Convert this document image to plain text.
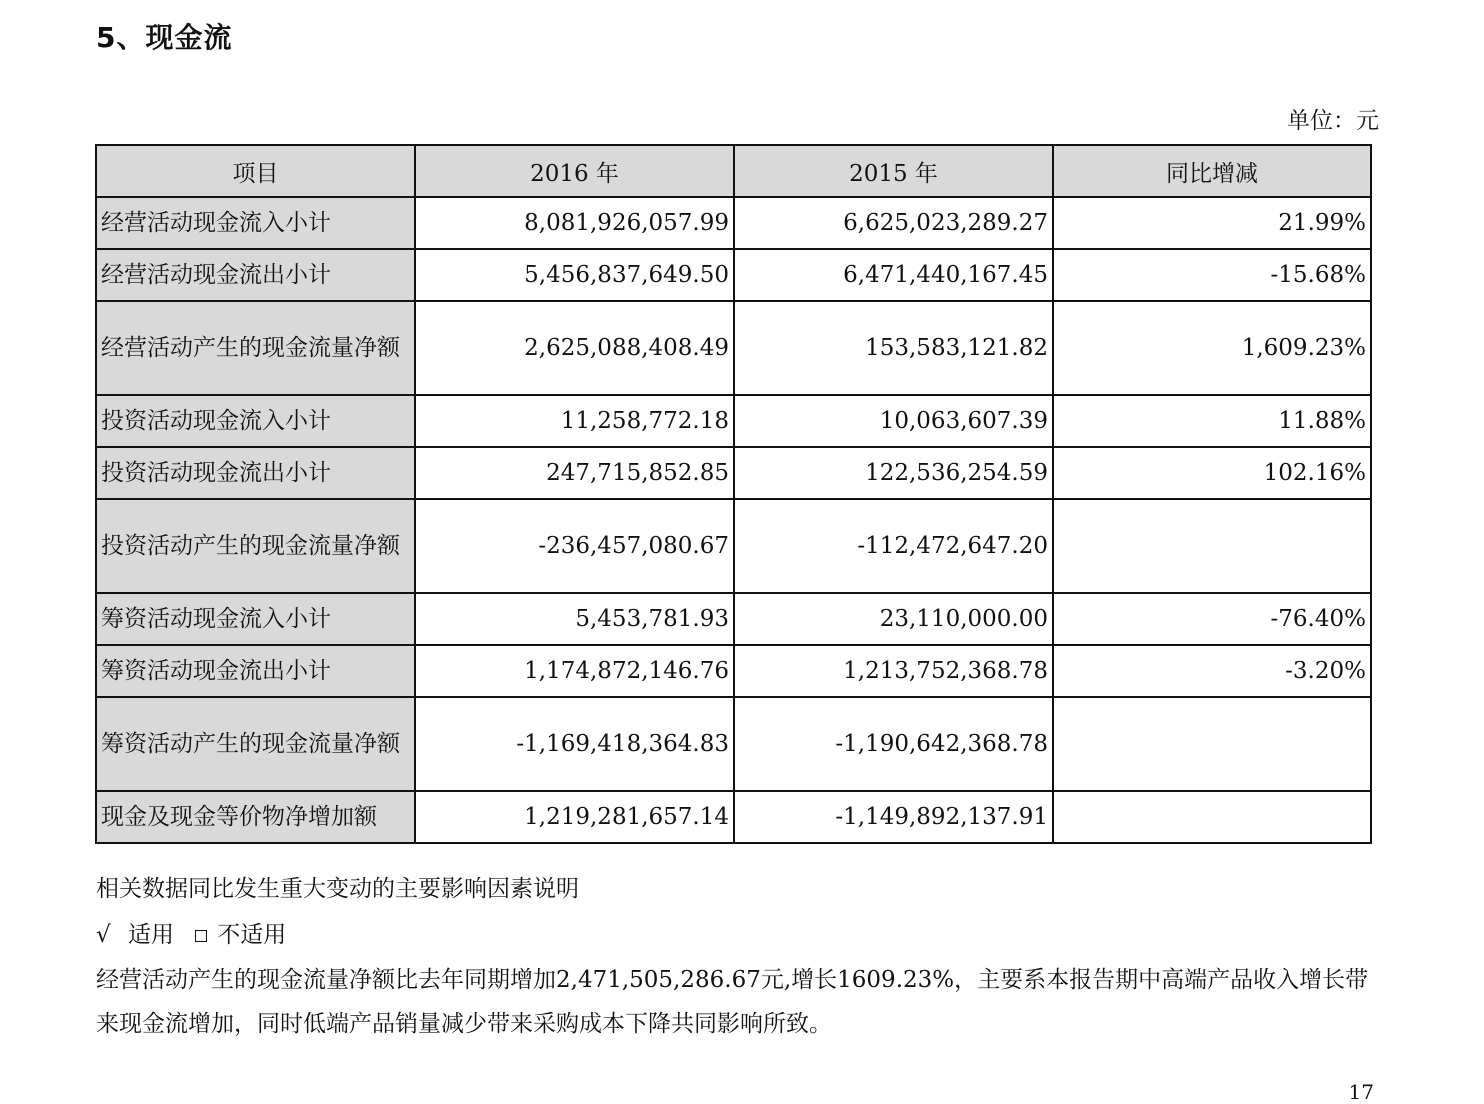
5、现金流
单位：元
项目	2016 年	2015 年	同比增减
经营活动现金流入小计	8,081,926,057.99	6,625,023,289.27	21.99%
经营活动现金流出小计	5,456,837,649.50	6,471,440,167.45	-15.68%
经营活动产生的现金流量净额	2,625,088,408.49	153,583,121.82	1,609.23%
投资活动现金流入小计	11,258,772.18	10,063,607.39	11.88%
投资活动现金流出小计	247,715,852.85	122,536,254.59	102.16%
投资活动产生的现金流量净额	-236,457,080.67	-112,472,647.20	
筹资活动现金流入小计	5,453,781.93	23,110,000.00	-76.40%
筹资活动现金流出小计	1,174,872,146.76	1,213,752,368.78	-3.20%
筹资活动产生的现金流量净额	-1,169,418,364.83	-1,190,642,368.78	
现金及现金等价物净增加额	1,219,281,657.14	-1,149,892,137.91	
相关数据同比发生重大变动的主要影响因素说明
√ 适用 不适用
经营活动产生的现金流量净额比去年同期增加2,471,505,286.67元,增长1609.23%，主要系本报告期中高端产品收入增长带来现金流增加，同时低端产品销量减少带来采购成本下降共同影响所致。
17
